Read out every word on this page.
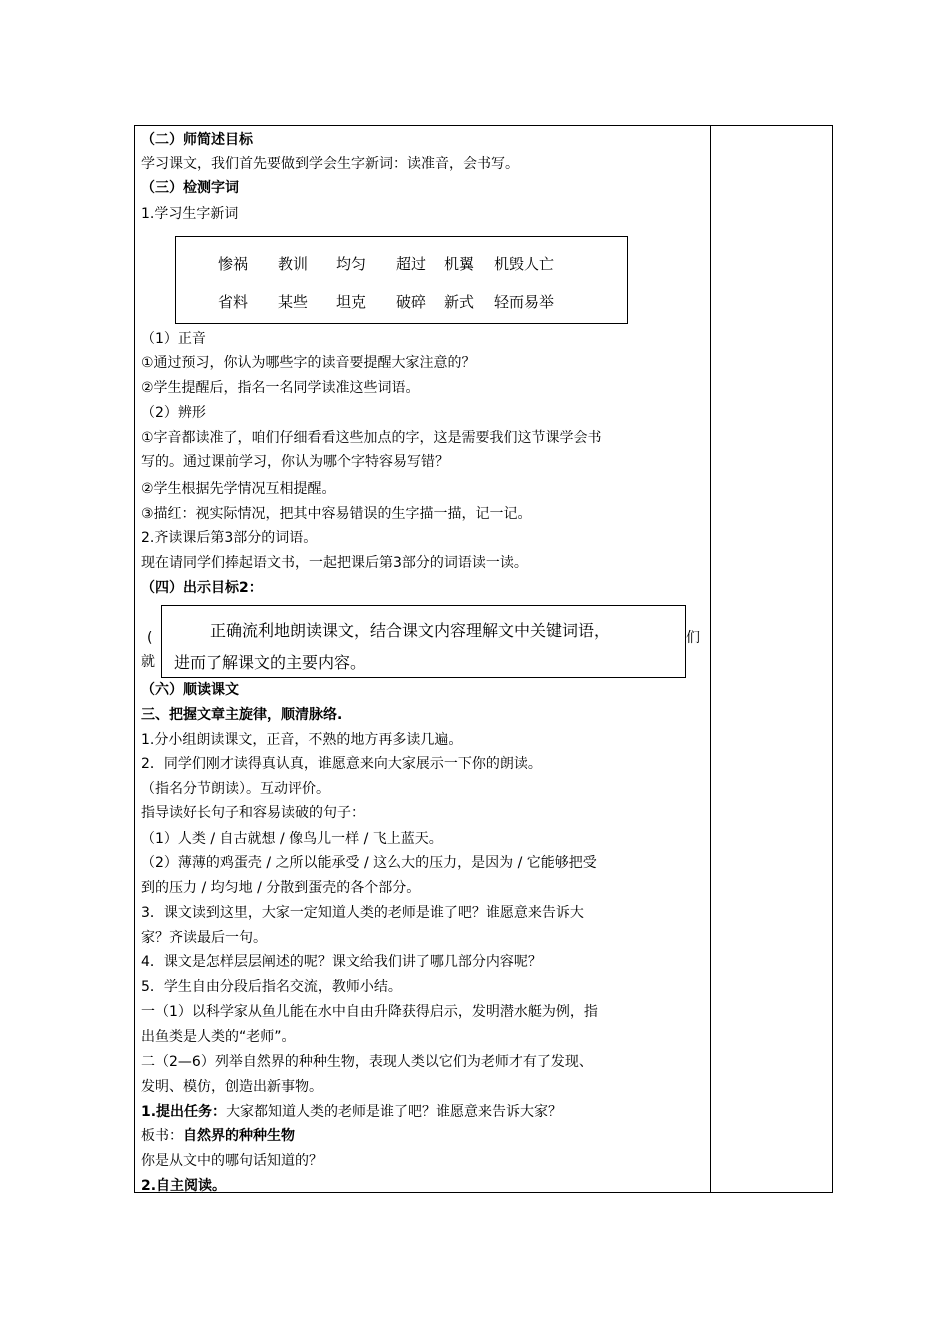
（二）师简述目标
学习课文，我们首先要做到学会生字新词：读准音，会书写。
（三）检测字词
1.学习生字新词
惨祸 教训 均匀 超过 机翼 机毁人亡
省料 某些 坦克 破碎 新式 轻而易举
（1）正音
①通过预习，你认为哪些字的读音要提醒大家注意的？
②学生提醒后，指名一名同学读准这些词语。
（2）辨形
①字音都读准了，咱们仔细看看这些加点的字，这是需要我们这节课学会书
写的。通过课前学习，你认为哪个字特容易写错？
②学生根据先学情况互相提醒。
③描红：视实际情况，把其中容易错误的生字描一描，记一记。
2.齐读课后第3部分的词语。
现在请同学们捧起语文书，一起把课后第3部分的词语读一读。
（四）出示目标2：
(
就
们
正确流利地朗读课文，结合课文内容理解文中关键词语，
进而了解课文的主要内容。
（六）顺读课文
三、把握文章主旋律，顺清脉络.
1.分小组朗读课文，正音，不熟的地方再多读几遍。
2．同学们刚才读得真认真，谁愿意来向大家展示一下你的朗读。
（指名分节朗读）。互动评价。
指导读好长句子和容易读破的句子：
（1）人类 / 自古就想 / 像鸟儿一样 / 飞上蓝天。
（2）薄薄的鸡蛋壳 / 之所以能承受 / 这么大的压力，是因为 / 它能够把受
到的压力 / 均匀地 / 分散到蛋壳的各个部分。
3．课文读到这里，大家一定知道人类的老师是谁了吧？谁愿意来告诉大
家？齐读最后一句。
4．课文是怎样层层阐述的呢？课文给我们讲了哪几部分内容呢？
5．学生自由分段后指名交流，教师小结。
一（1）以科学家从鱼儿能在水中自由升降获得启示，发明潜水艇为例，指
出鱼类是人类的“老师”。
二（2—6）列举自然界的种种生物，表现人类以它们为老师才有了发现、
发明、模仿，创造出新事物。
1.提出任务：大家都知道人类的老师是谁了吧？谁愿意来告诉大家？
板书：自然界的种种生物
你是从文中的哪句话知道的？
2.自主阅读。
